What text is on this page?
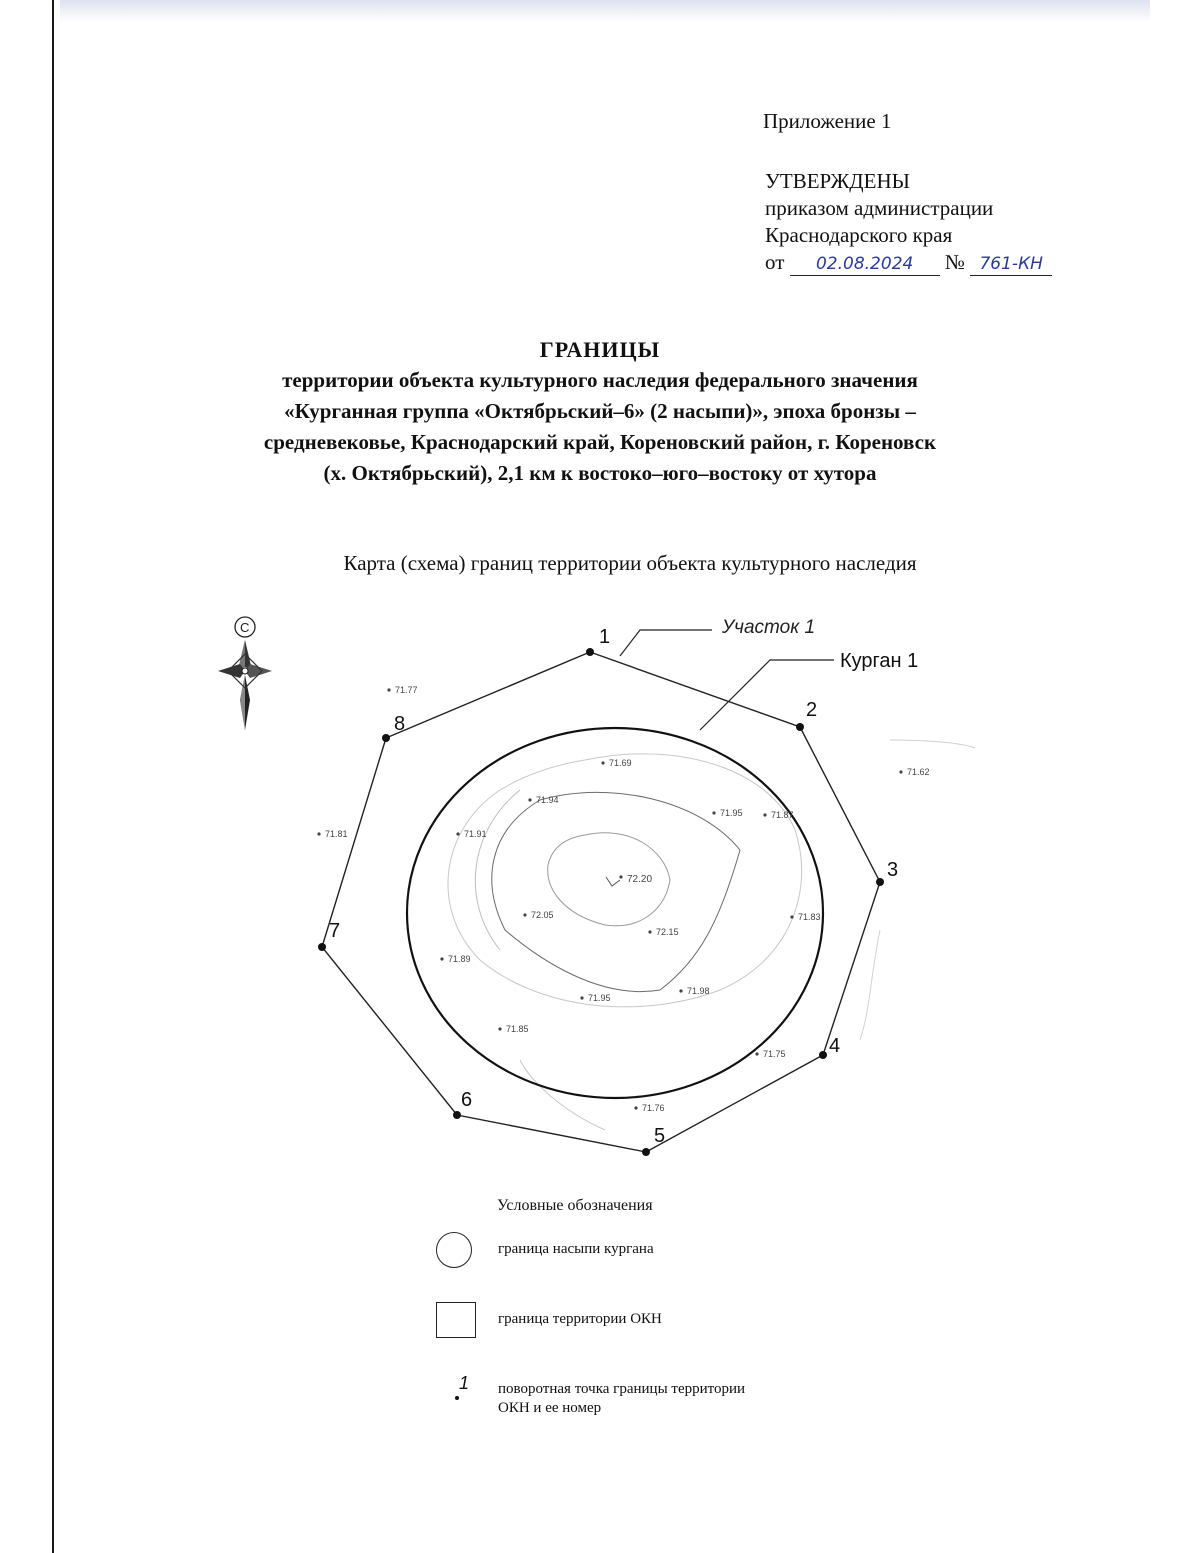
Приложение 1
УТВЕРЖДЕНЫ
приказом администрации
Краснодарского края
от 02.08.2024 № 761-КН
ГРАНИЦЫ
территории объекта культурного наследия федерального значения
«Курганная группа «Октябрьский–6» (2 насыпи)», эпоха бронзы –
средневековье, Краснодарский край, Кореновский район, г. Кореновск
(х. Октябрьский), 2,1 км к востоко–юго–востоку от хутора
Карта (схема) границ территории объекта культурного наследия
1
2
3
4
5
6
7
8
Участок 1
Курган 1
71.77
71.69
71.62
71.94
71.95	71.87
71.81	71.91
72.20
72.05	71.83
72.15
71.89
71.95
71.98
71.85
71.75
71.76
С
Условные обозначения
граница насыпи кургана
граница территории ОКН
1 поворотная точка границы территории
ОКН и ее номер
